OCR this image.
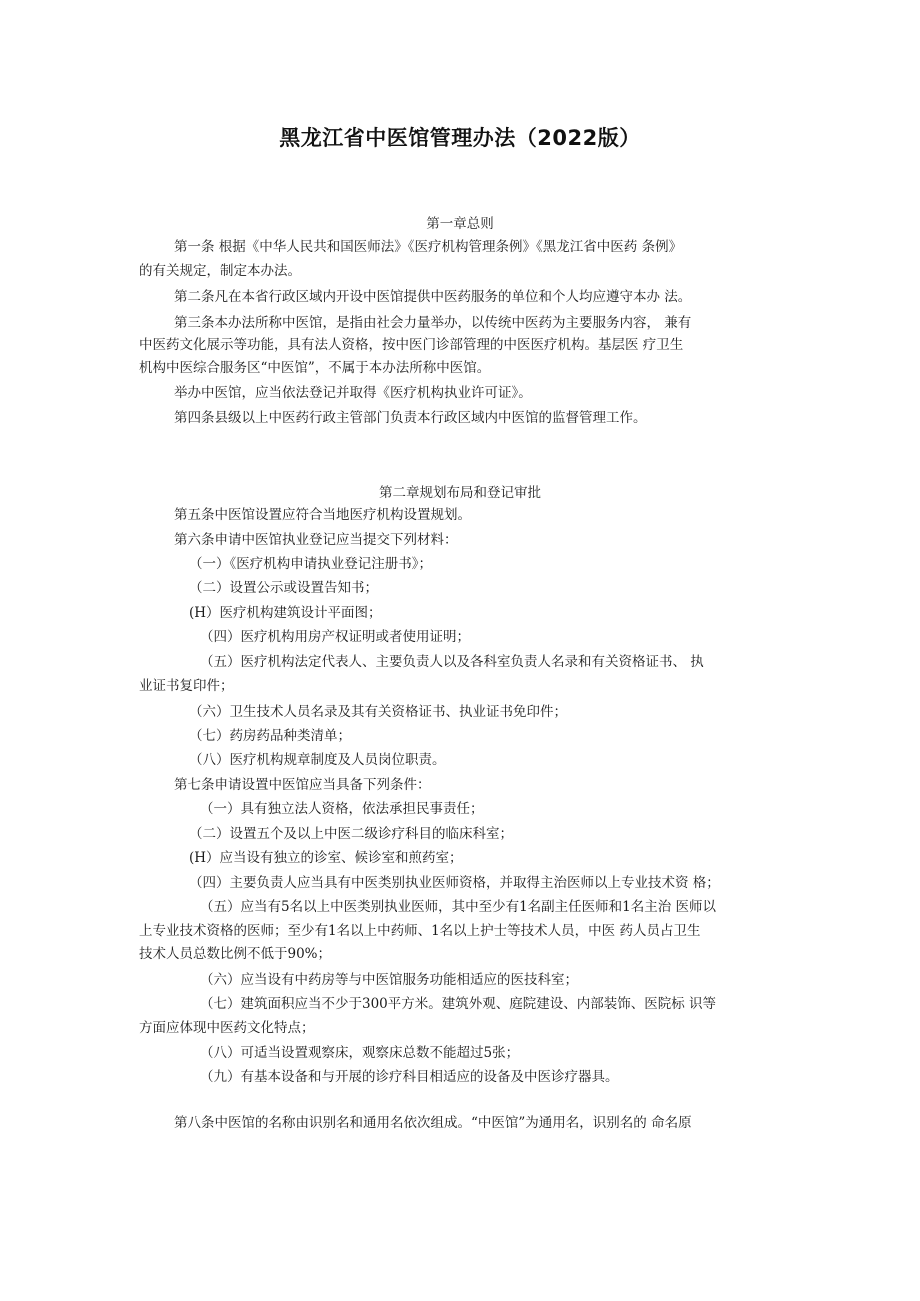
黑龙江省中医馆管理办法（2022版）
第一章总则
第一条 根据《中华人民共和国医师法》《医疗机构管理条例》《黑龙江省中医药 条例》
的有关规定，制定本办法。
第二条凡在本省行政区域内开设中医馆提供中医药服务的单位和个人均应遵守本办 法。
第三条本办法所称中医馆，是指由社会力量举办，以传统中医药为主要服务内容， 兼有
中医药文化展示等功能，具有法人资格，按中医门诊部管理的中医医疗机构。基层医 疗卫生
机构中医综合服务区“中医馆”，不属于本办法所称中医馆。
举办中医馆，应当依法登记并取得《医疗机构执业许可证》。
第四条县级以上中医药行政主管部门负责本行政区域内中医馆的监督管理工作。
第二章规划布局和登记审批
第五条中医馆设置应符合当地医疗机构设置规划。
第六条申请中医馆执业登记应当提交下列材料：
（一）《医疗机构申请执业登记注册书》；
（二）设置公示或设置告知书；
(H）医疗机构建筑设计平面图；
（四）医疗机构用房产权证明或者使用证明；
（五）医疗机构法定代表人、主要负责人以及各科室负责人名录和有关资格证书、 执
业证书复印件；
（六）卫生技术人员名录及其有关资格证书、执业证书免印件；
（七）药房药品种类清单；
（八）医疗机构规章制度及人员岗位职责。
第七条申请设置中医馆应当具备下列条件：
（一）具有独立法人资格，依法承担民事责任；
（二）设置五个及以上中医二级诊疗科目的临床科室；
(H）应当设有独立的诊室、候诊室和煎药室；
（四）主要负责人应当具有中医类别执业医师资格，并取得主治医师以上专业技术资 格；
（五）应当有5名以上中医类别执业医师，其中至少有1名副主任医师和1名主治 医师以
上专业技术资格的医师；至少有1名以上中药师、1名以上护士等技术人员，中医 药人员占卫生
技术人员总数比例不低于90%；
（六）应当设有中药房等与中医馆服务功能相适应的医技科室；
（七）建筑面积应当不少于300平方米。建筑外观、庭院建设、内部装饰、医院标 识等
方面应体现中医药文化特点；
（八）可适当设置观察床，观察床总数不能超过5张；
（九）有基本设备和与开展的诊疗科目相适应的设备及中医诊疗器具。
第八条中医馆的名称由识别名和通用名依次组成。“中医馆”为通用名，识别名的 命名原
